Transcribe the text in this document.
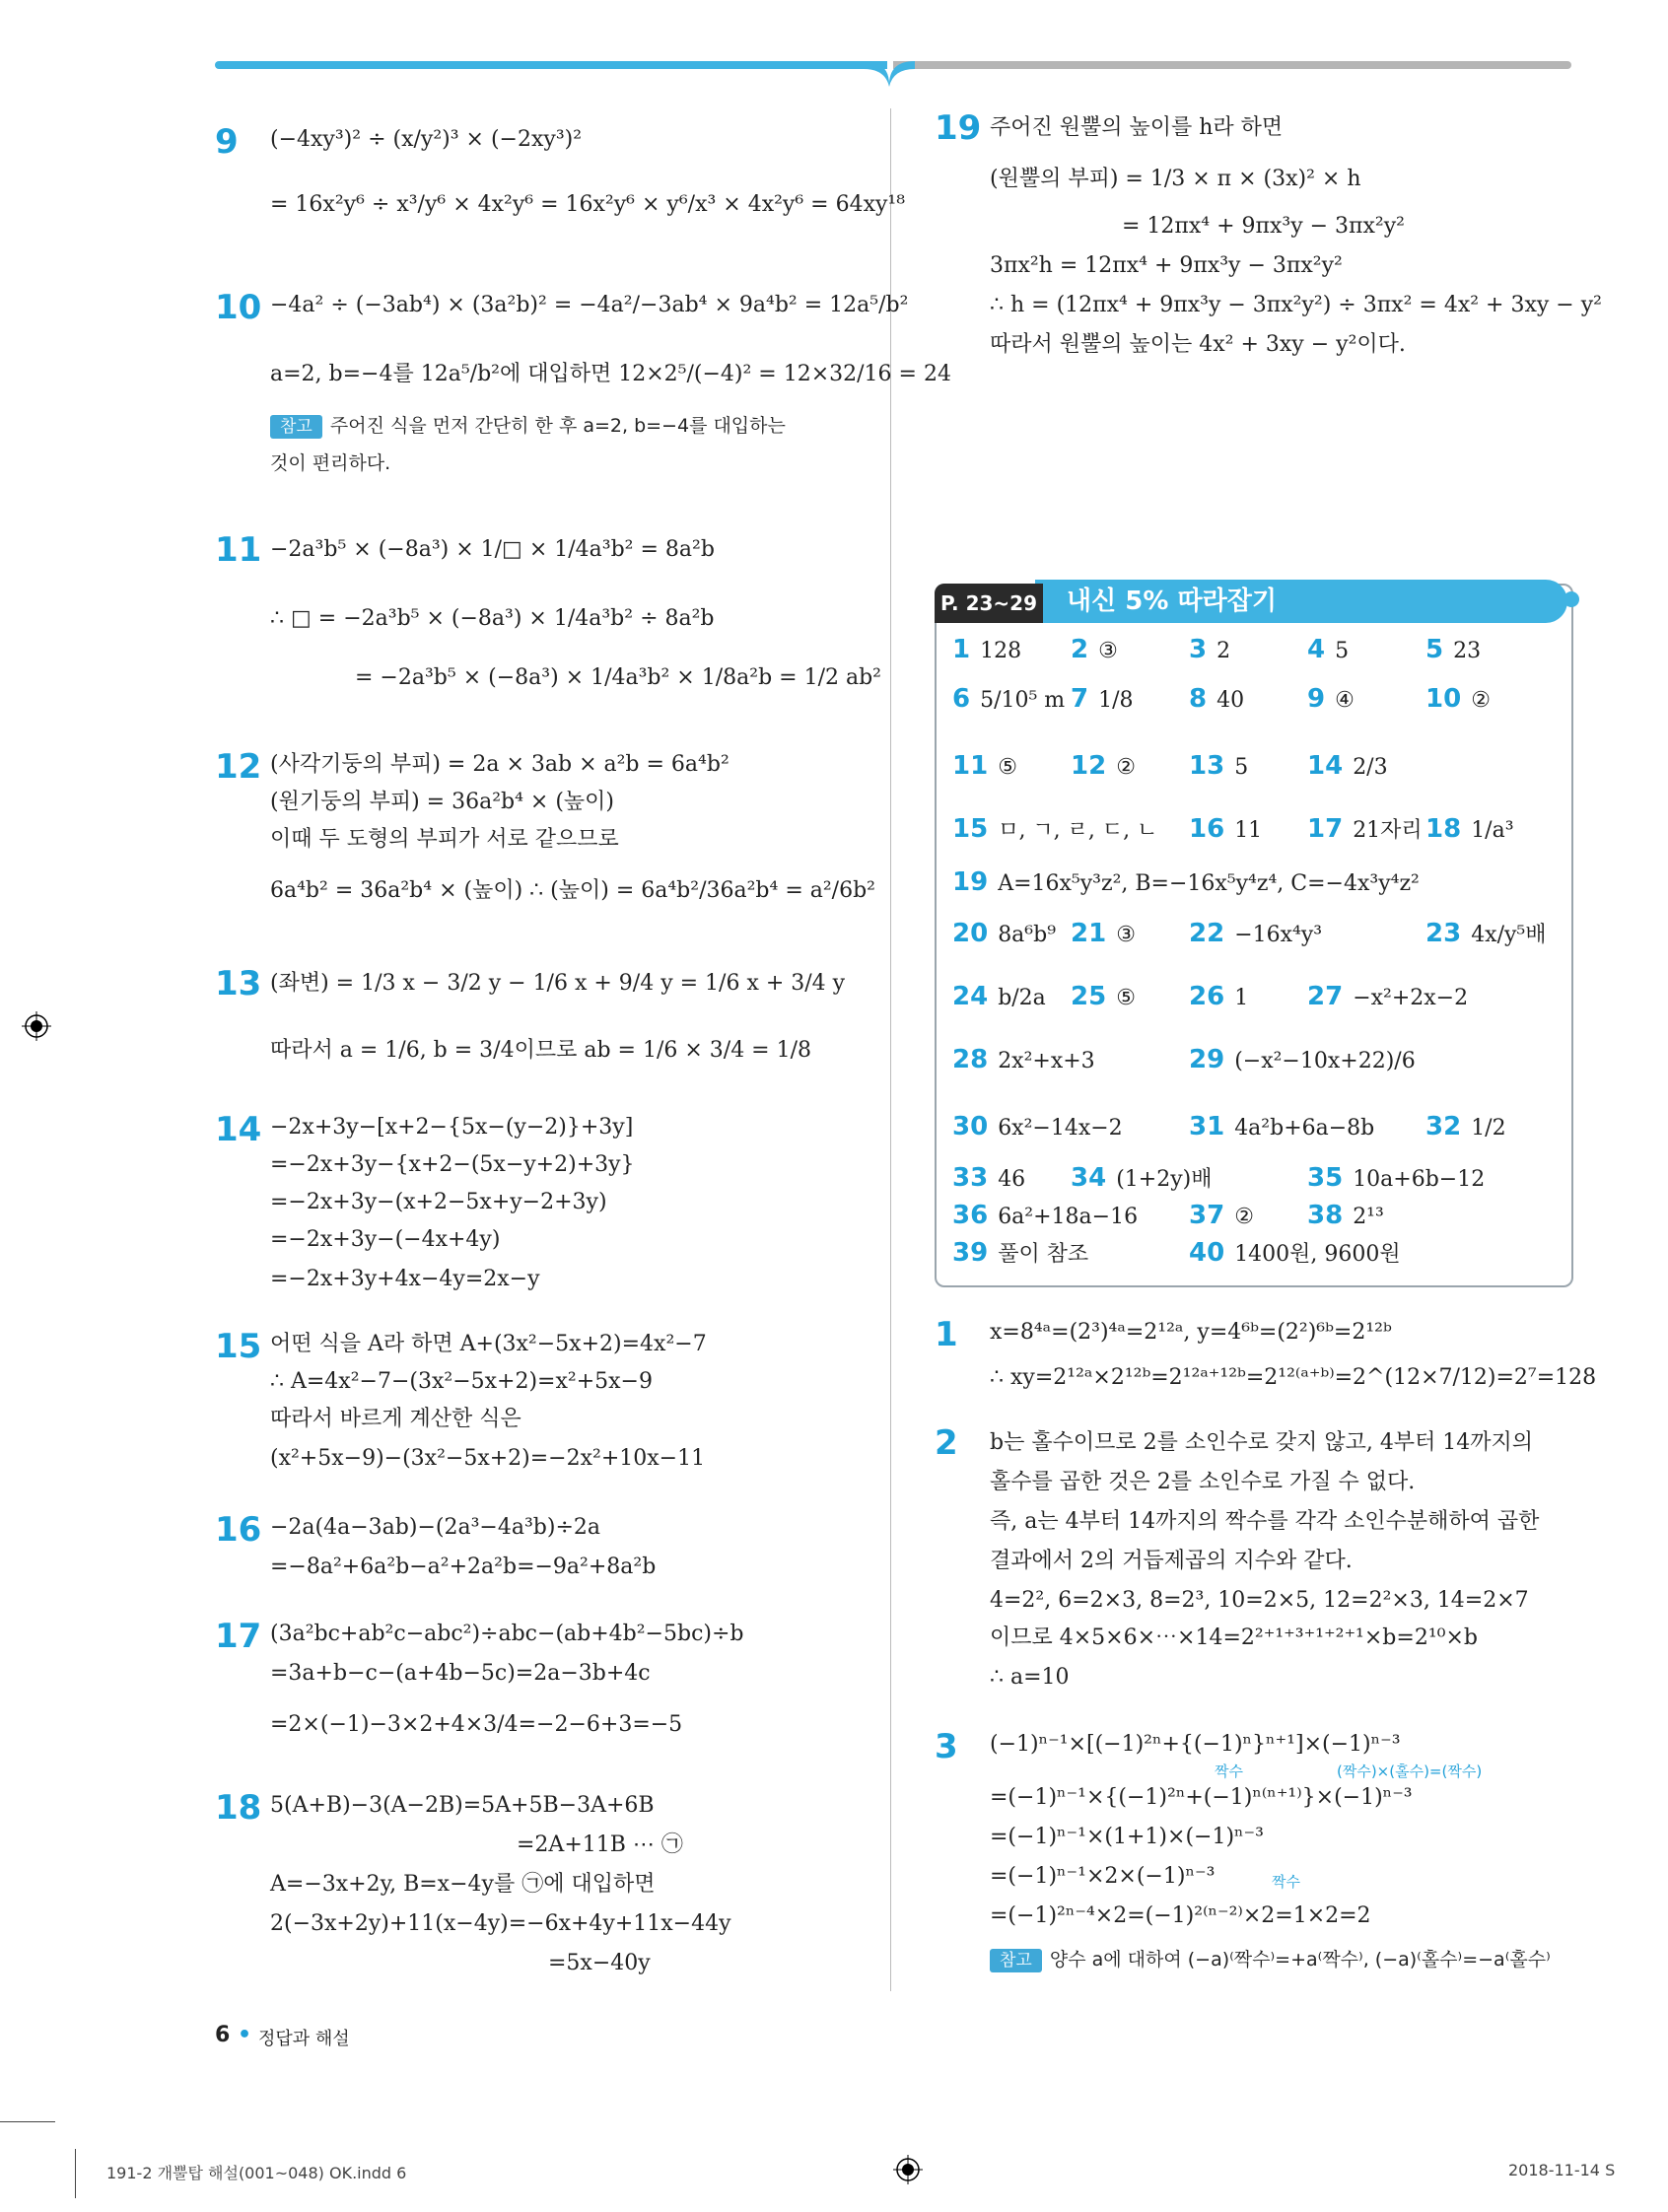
9 (−4xy³)² ÷ (x/y²)³ × (−2xy³)²
= 16x²y⁶ ÷ x³/y⁶ × 4x²y⁶ = 16x²y⁶ × y⁶/x³ × 4x²y⁶ = 64xy¹⁸
10 −4a² ÷ (−3ab⁴) × (3a²b)² = −4a²/−3ab⁴ × 9a⁴b² = 12a⁵/b²
a=2, b=−4를 12a⁵/b²에 대입하면 12×2⁵/(−4)² = 12×32/16 = 24
참고 주어진 식을 먼저 간단히 한 후 a=2, b=−4를 대입하는
것이 편리하다.
11 −2a³b⁵ × (−8a³) × 1/□ × 1/4a³b² = 8a²b
∴ □ = −2a³b⁵ × (−8a³) × 1/4a³b² ÷ 8a²b
= −2a³b⁵ × (−8a³) × 1/4a³b² × 1/8a²b = 1/2 ab²
12 (사각기둥의 부피) = 2a × 3ab × a²b = 6a⁴b²
(원기둥의 부피) = 36a²b⁴ × (높이)
이때 두 도형의 부피가 서로 같으므로
6a⁴b² = 36a²b⁴ × (높이) ∴ (높이) = 6a⁴b²/36a²b⁴ = a²/6b²
13 (좌변) = 1/3 x − 3/2 y − 1/6 x + 9/4 y = 1/6 x + 3/4 y
따라서 a = 1/6, b = 3/4이므로 ab = 1/6 × 3/4 = 1/8
14 −2x+3y−[x+2−{5x−(y−2)}+3y]
=−2x+3y−{x+2−(5x−y+2)+3y}
=−2x+3y−(x+2−5x+y−2+3y)
=−2x+3y−(−4x+4y)
=−2x+3y+4x−4y=2x−y
15 어떤 식을 A라 하면 A+(3x²−5x+2)=4x²−7
∴ A=4x²−7−(3x²−5x+2)=x²+5x−9
따라서 바르게 계산한 식은
(x²+5x−9)−(3x²−5x+2)=−2x²+10x−11
16 −2a(4a−3ab)−(2a³−4a³b)÷2a
=−8a²+6a²b−a²+2a²b=−9a²+8a²b
17 (3a²bc+ab²c−abc²)÷abc−(ab+4b²−5bc)÷b
=3a+b−c−(a+4b−5c)=2a−3b+4c
=2×(−1)−3×2+4×3/4=−2−6+3=−5
18 5(A+B)−3(A−2B)=5A+5B−3A+6B
=2A+11B ⋯ ㉠
A=−3x+2y, B=x−4y를 ㉠에 대입하면
2(−3x+2y)+11(x−4y)=−6x+4y+11x−44y
=5x−40y
19 주어진 원뿔의 높이를 h라 하면
(원뿔의 부피) = 1/3 × π × (3x)² × h
= 12πx⁴ + 9πx³y − 3πx²y²
3πx²h = 12πx⁴ + 9πx³y − 3πx²y²
∴ h = (12πx⁴ + 9πx³y − 3πx²y²) ÷ 3πx² = 4x² + 3xy − y²
따라서 원뿔의 높이는 4x² + 3xy − y²이다.
P. 23~29 내신 5% 따라잡기
1 128 2 ③	3 2	4 5	5 23
6 5/10⁵ m 7 1/8 8 40 9 ④	10 ②
11 ⑤ 12 ② 13 5 14 2/3
15 ㅁ, ㄱ, ㄹ, ㄷ, ㄴ 16 11 17 21자리 18 1/a³
19 A=16x⁵y³z², B=−16x⁵y⁴z⁴, C=−4x³y⁴z²
20 8a⁶b⁹ 21 ③ 22 −16x⁴y³	23 4x/y⁵배
24 b/2a 25 ⑤ 26 1 27 −x²+2x−2
28 2x²+x+3	29 (−x²−10x+22)/6
30 6x²−14x−2	31 4a²b+6a−8b 32 1/2
33 46 34 (1+2y)배	35 10a+6b−12
36 6a²+18a−16 37 ② 38 2¹³
39 풀이 참조	40 1400원, 9600원
1 x=8⁴ᵃ=(2³)⁴ᵃ=2¹²ᵃ, y=4⁶ᵇ=(2²)⁶ᵇ=2¹²ᵇ
∴ xy=2¹²ᵃ×2¹²ᵇ=2¹²ᵃ⁺¹²ᵇ=2¹²⁽ᵃ⁺ᵇ⁾=2^(12×7/12)=2⁷=128
2 b는 홀수이므로 2를 소인수로 갖지 않고, 4부터 14까지의
홀수를 곱한 것은 2를 소인수로 가질 수 없다.
즉, a는 4부터 14까지의 짝수를 각각 소인수분해하여 곱한
결과에서 2의 거듭제곱의 지수와 같다.
4=2², 6=2×3, 8=2³, 10=2×5, 12=2²×3, 14=2×7
이므로 4×5×6×⋯×14=2²⁺¹⁺³⁺¹⁺²⁺¹×b=2¹⁰×b
∴ a=10
3 (−1)ⁿ⁻¹×[(−1)²ⁿ+{(−1)ⁿ}ⁿ⁺¹]×(−1)ⁿ⁻³
짝수	(짝수)×(홀수)=(짝수)
=(−1)ⁿ⁻¹×{(−1)²ⁿ+(−1)ⁿ⁽ⁿ⁺¹⁾}×(−1)ⁿ⁻³
=(−1)ⁿ⁻¹×(1+1)×(−1)ⁿ⁻³
=(−1)ⁿ⁻¹×2×(−1)ⁿ⁻³	짝수
=(−1)²ⁿ⁻⁴×2=(−1)²⁽ⁿ⁻²⁾×2=1×2=2
참고 양수 a에 대하여 (−a)⁽짝수⁾=+a⁽짝수⁾, (−a)⁽홀수⁾=−a⁽홀수⁾
6 • 정답과 해설
191-2 개뿔탑 해설(001~048) OK.indd 6	2018-11-14 S
